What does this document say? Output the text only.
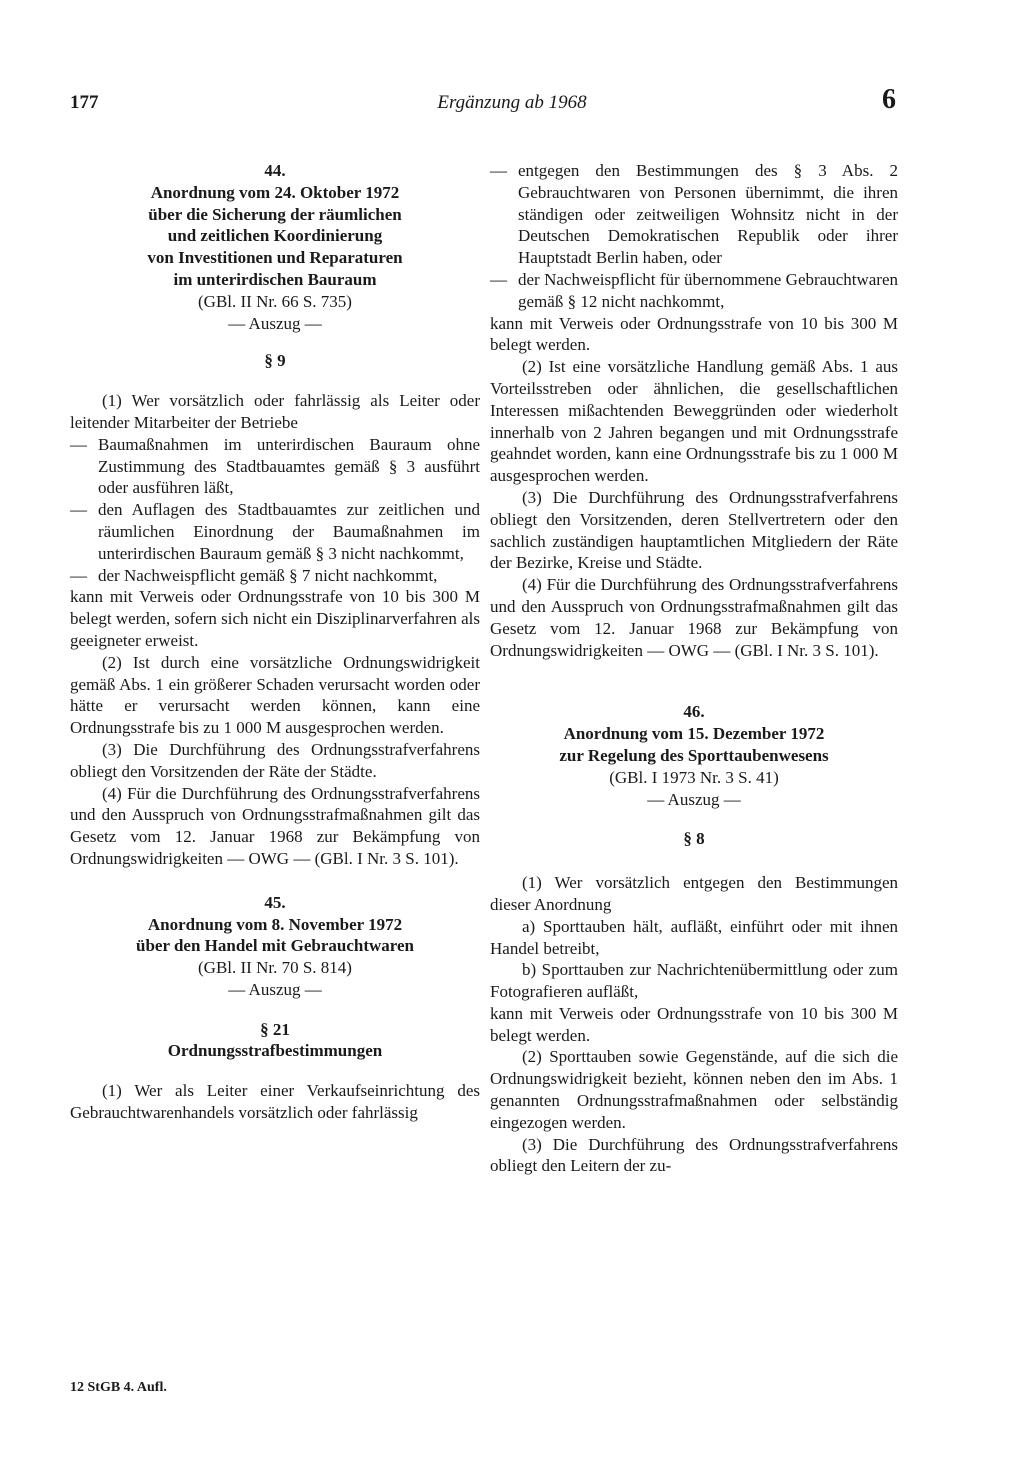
177	Ergänzung ab 1968	6

44.

Anordnung vom 24. Oktober 1972

über die Sicherung der räumlichen

und zeitlichen Koordinierung

von Investitionen und Reparaturen

im unterirdischen Bauraum

(GBl. II Nr. 66 S. 735)

— Auszug —

§ 9

(1) Wer vorsätzlich oder fahrlässig als Leiter oder leitender Mitarbeiter der Betriebe

— Baumaßnahmen im unterirdischen Bauraum ohne Zustimmung des Stadtbauamtes gemäß § 3 ausführt oder ausführen läßt,

— den Auflagen des Stadtbauamtes zur zeitlichen und räumlichen Einordnung der Baumaßnahmen im unterirdischen Bauraum gemäß § 3 nicht nachkommt,

— der Nachweispflicht gemäß § 7 nicht nachkommt,

kann mit Verweis oder Ordnungsstrafe von 10 bis 300 M belegt werden, sofern sich nicht ein Disziplinarverfahren als geeigneter erweist.

(2) Ist durch eine vorsätzliche Ordnungswidrigkeit gemäß Abs. 1 ein größerer Schaden verursacht worden oder hätte er verursacht werden können, kann eine Ordnungsstrafe bis zu 1 000 M ausgesprochen werden.

(3) Die Durchführung des Ordnungsstrafverfahrens obliegt den Vorsitzenden der Räte der Städte.

(4) Für die Durchführung des Ordnungsstrafverfahrens und den Ausspruch von Ordnungsstrafmaßnahmen gilt das Gesetz vom 12. Januar 1968 zur Bekämpfung von Ordnungswidrigkeiten — OWG — (GBl. I Nr. 3 S. 101).

45.

Anordnung vom 8. November 1972

über den Handel mit Gebrauchtwaren

(GBl. II Nr. 70 S. 814)

— Auszug —

§ 21

Ordnungsstrafbestimmungen

(1) Wer als Leiter einer Verkaufseinrichtung des Gebrauchtwarenhandels vorsätzlich oder fahrlässig

— entgegen den Bestimmungen des § 3 Abs. 2 Gebrauchtwaren von Personen übernimmt, die ihren ständigen oder zeitweiligen Wohnsitz nicht in der Deutschen Demokratischen Republik oder ihrer Hauptstadt Berlin haben, oder

— der Nachweispflicht für übernommene Gebrauchtwaren gemäß § 12 nicht nachkommt,

kann mit Verweis oder Ordnungsstrafe von 10 bis 300 M belegt werden.

(2) Ist eine vorsätzliche Handlung gemäß Abs. 1 aus Vorteilsstreben oder ähnlichen, die gesellschaftlichen Interessen mißachtenden Beweggründen oder wiederholt innerhalb von 2 Jahren begangen und mit Ordnungsstrafe geahndet worden, kann eine Ordnungsstrafe bis zu 1 000 M ausgesprochen werden.

(3) Die Durchführung des Ordnungsstrafverfahrens obliegt den Vorsitzenden, deren Stellvertretern oder den sachlich zuständigen hauptamtlichen Mitgliedern der Räte der Bezirke, Kreise und Städte.

(4) Für die Durchführung des Ordnungsstrafverfahrens und den Ausspruch von Ordnungsstrafmaßnahmen gilt das Gesetz vom 12. Januar 1968 zur Bekämpfung von Ordnungswidrigkeiten — OWG — (GBl. I Nr. 3 S. 101).

46.

Anordnung vom 15. Dezember 1972

zur Regelung des Sporttaubenwesens

(GBl. I 1973 Nr. 3 S. 41)

— Auszug —

§ 8

(1) Wer vorsätzlich entgegen den Bestimmungen dieser Anordnung

a) Sporttauben hält, aufläßt, einführt oder mit ihnen Handel betreibt,

b) Sporttauben zur Nachrichtenübermittlung oder zum Fotografieren aufläßt,

kann mit Verweis oder Ordnungsstrafe von 10 bis 300 M belegt werden.

(2) Sporttauben sowie Gegenstände, auf die sich die Ordnungswidrigkeit bezieht, können neben den im Abs. 1 genannten Ordnungsstrafmaßnahmen oder selbständig eingezogen werden.

(3) Die Durchführung des Ordnungsstrafverfahrens obliegt den Leitern der zu-

12 StGB 4. Aufl.
